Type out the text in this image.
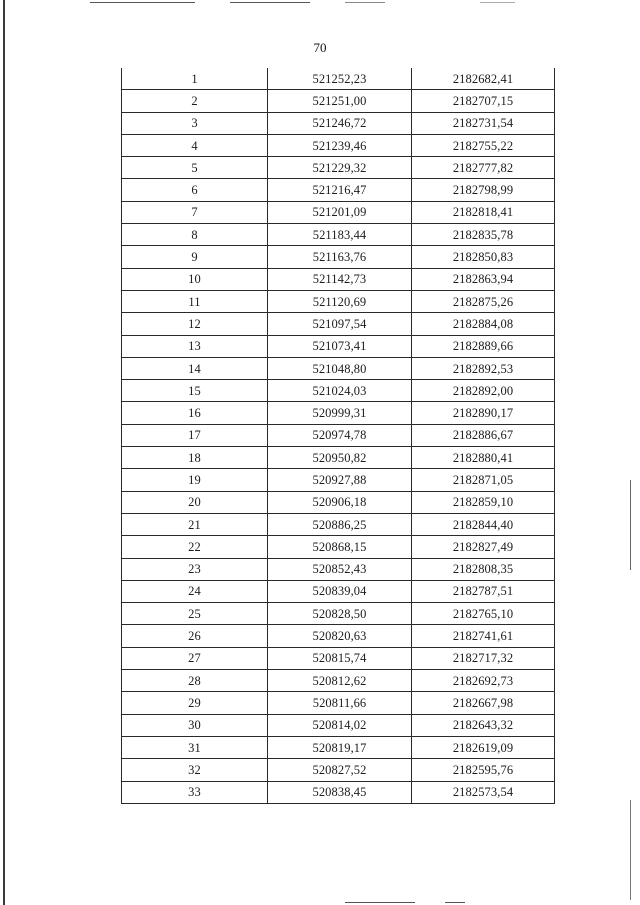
70
1	521252,23	2182682,41
2	521251,00	2182707,15
3	521246,72	2182731,54
4	521239,46	2182755,22
5	521229,32	2182777,82
6	521216,47	2182798,99
7	521201,09	2182818,41
8	521183,44	2182835,78
9	521163,76	2182850,83
10	521142,73	2182863,94
11	521120,69	2182875,26
12	521097,54	2182884,08
13	521073,41	2182889,66
14	521048,80	2182892,53
15	521024,03	2182892,00
16	520999,31	2182890,17
17	520974,78	2182886,67
18	520950,82	2182880,41
19	520927,88	2182871,05
20	520906,18	2182859,10
21	520886,25	2182844,40
22	520868,15	2182827,49
23	520852,43	2182808,35
24	520839,04	2182787,51
25	520828,50	2182765,10
26	520820,63	2182741,61
27	520815,74	2182717,32
28	520812,62	2182692,73
29	520811,66	2182667,98
30	520814,02	2182643,32
31	520819,17	2182619,09
32	520827,52	2182595,76
33	520838,45	2182573,54
